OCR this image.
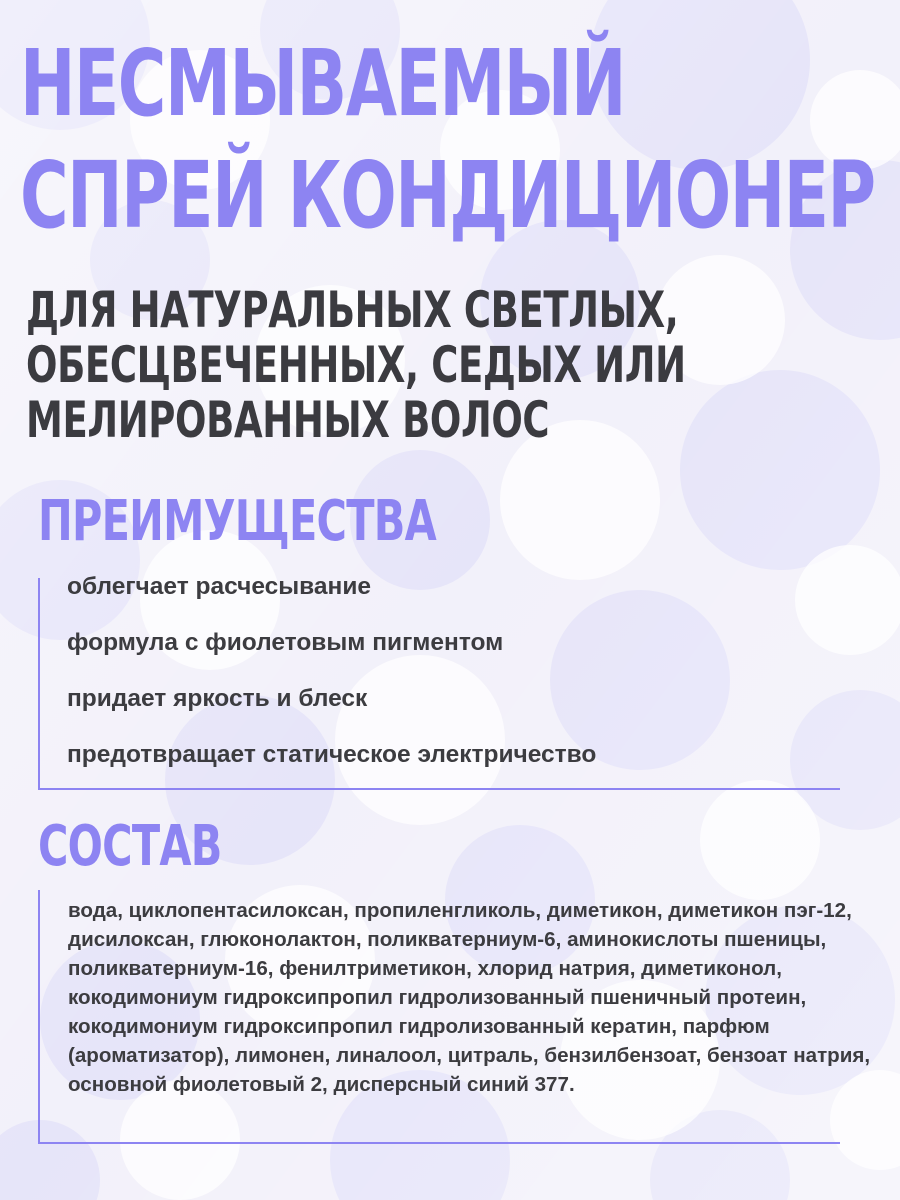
НЕСМЫВАЕМЫЙ
СПРЕЙ КОНДИЦИОНЕР
ДЛЯ НАТУРАЛЬНЫХ СВЕТЛЫХ,
ОБЕСЦВЕЧЕННЫХ, СЕДЫХ ИЛИ
МЕЛИРОВАННЫХ ВОЛОС
ПРЕИМУЩЕСТВА
облегчает расчесывание
формула с фиолетовым пигментом
придает яркость и блеск
предотвращает статическое электричество
СОСТАВ

вода, циклопентасилоксан, пропиленгликоль, диметикон, диметикон пэг-12, дисилоксан, глюконолактон, поликватерниум-6, аминокислоты пшеницы, поликватерниум-16, фенилтриметикон, хлорид натрия, диметиконол, кокодимониум гидроксипропил гидролизованный пшеничный протеин, кокодимониум гидроксипропил гидролизованный кератин, парфюм (ароматизатор), лимонен, линалоол, цитраль, бензилбензоат, бензоат натрия, основной фиолетовый 2, дисперсный синий 377.
